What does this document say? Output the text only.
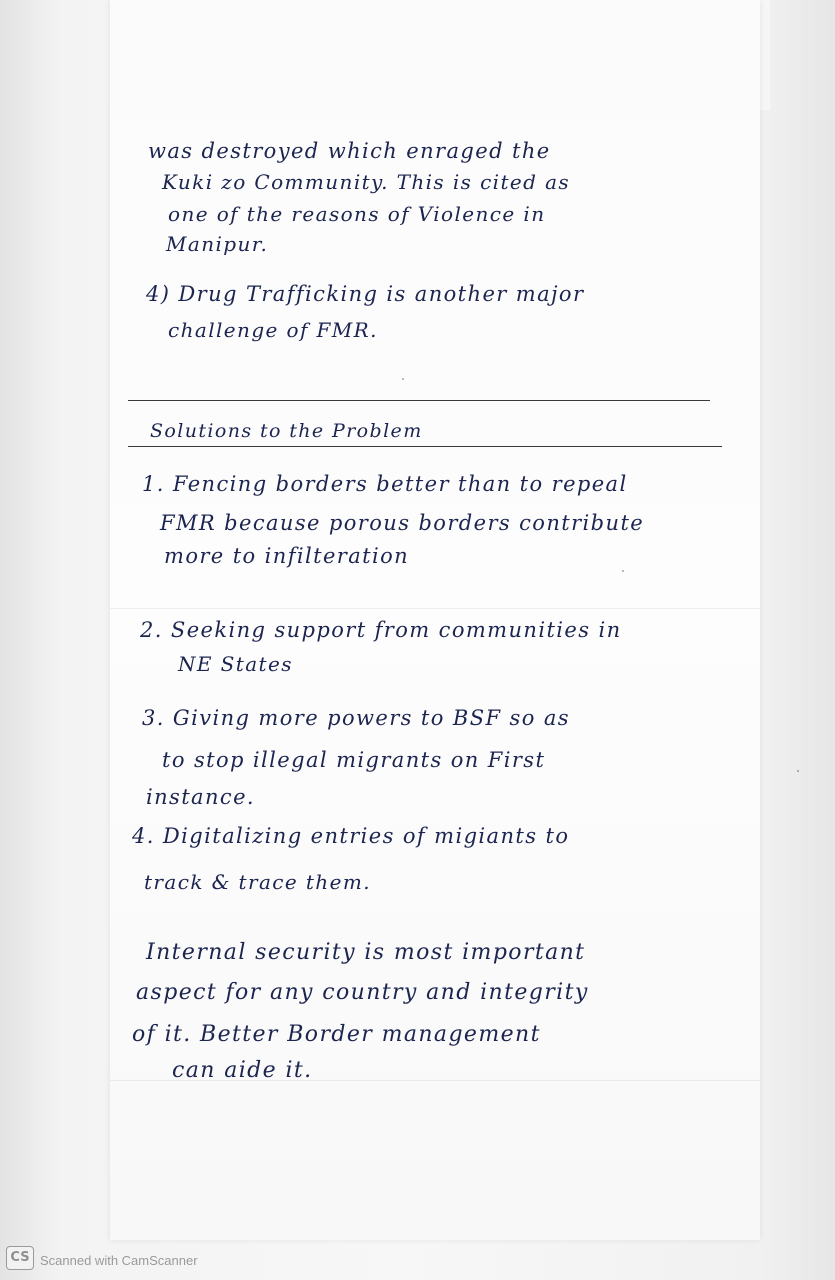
was destroyed which enraged the

Kuki zo Community. This is cited as

one of the reasons of Violence in

Manipur.

4) Drug Trafficking is another major

challenge of FMR.

Solutions to the Problem

1. Fencing borders better than to repeal

FMR because porous borders contribute

more to infilteration

2. Seeking support from communities in

NE States

3. Giving more powers to BSF so as

to stop illegal migrants on First

instance.

4. Digitalizing entries of migiants to

track & trace them.

Internal security is most important

aspect for any country and integrity

of it. Better Border management

can aide it.

CS Scanned with CamScanner
